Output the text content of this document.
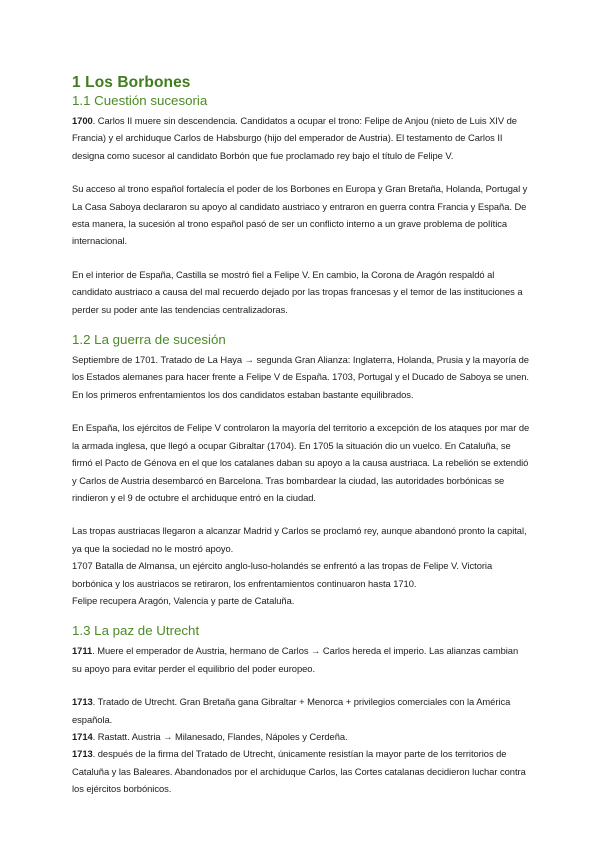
1 Los Borbones
1.1 Cuestión sucesoria

1700. Carlos II muere sin descendencia. Candidatos a ocupar el trono: Felipe de Anjou (nieto de Luis XIV de Francia) y el archiduque Carlos de Habsburgo (hijo del emperador de Austria). El testamento de Carlos II designa como sucesor al candidato Borbón que fue proclamado rey bajo el título de Felipe V.

Su acceso al trono español fortalecía el poder de los Borbones en Europa y Gran Bretaña, Holanda, Portugal y La Casa Saboya declararon su apoyo al candidato austriaco y entraron en guerra contra Francia y España. De esta manera, la sucesión al trono español pasó de ser un conflicto interno a un grave problema de política internacional.

En el interior de España, Castilla se mostró fiel a Felipe V. En cambio, la Corona de Aragón respaldó al candidato austriaco a causa del mal recuerdo dejado por las tropas francesas y el temor de las instituciones a perder su poder ante las tendencias centralizadoras.

1.2 La guerra de sucesión

Septiembre de 1701. Tratado de La Haya → segunda Gran Alianza: Inglaterra, Holanda, Prusia y la mayoría de los Estados alemanes para hacer frente a Felipe V de España. 1703, Portugal y el Ducado de Saboya se unen. En los primeros enfrentamientos los dos candidatos estaban bastante equilibrados.

En España, los ejércitos de Felipe V controlaron la mayoría del territorio a excepción de los ataques por mar de la armada inglesa, que llegó a ocupar Gibraltar (1704). En 1705 la situación dio un vuelco. En Cataluña, se firmó el Pacto de Génova en el que los catalanes daban su apoyo a la causa austriaca. La rebelión se extendió y Carlos de Austria desembarcó en Barcelona. Tras bombardear la ciudad, las autoridades borbónicas se rindieron y el 9 de octubre el archiduque entró en la ciudad.

Las tropas austriacas llegaron a alcanzar Madrid y Carlos se proclamó rey, aunque abandonó pronto la capital, ya que la sociedad no le mostró apoyo.

1707 Batalla de Almansa, un ejército anglo-luso-holandés se enfrentó a las tropas de Felipe V. Victoria borbónica y los austriacos se retiraron, los enfrentamientos continuaron hasta 1710.

Felipe recupera Aragón, Valencia y parte de Cataluña.

1.3 La paz de Utrecht

1711. Muere el emperador de Austria, hermano de Carlos → Carlos hereda el imperio. Las alianzas cambian su apoyo para evitar perder el equilibrio del poder europeo.

1713. Tratado de Utrecht. Gran Bretaña gana Gibraltar + Menorca + privilegios comerciales con la América española.

1714. Rastatt. Austria → Milanesado, Flandes, Nápoles y Cerdeña.

1713. después de la firma del Tratado de Utrecht, únicamente resistían la mayor parte de los territorios de Cataluña y las Baleares. Abandonados por el archiduque Carlos, las Cortes catalanas decidieron luchar contra los ejércitos borbónicos.
